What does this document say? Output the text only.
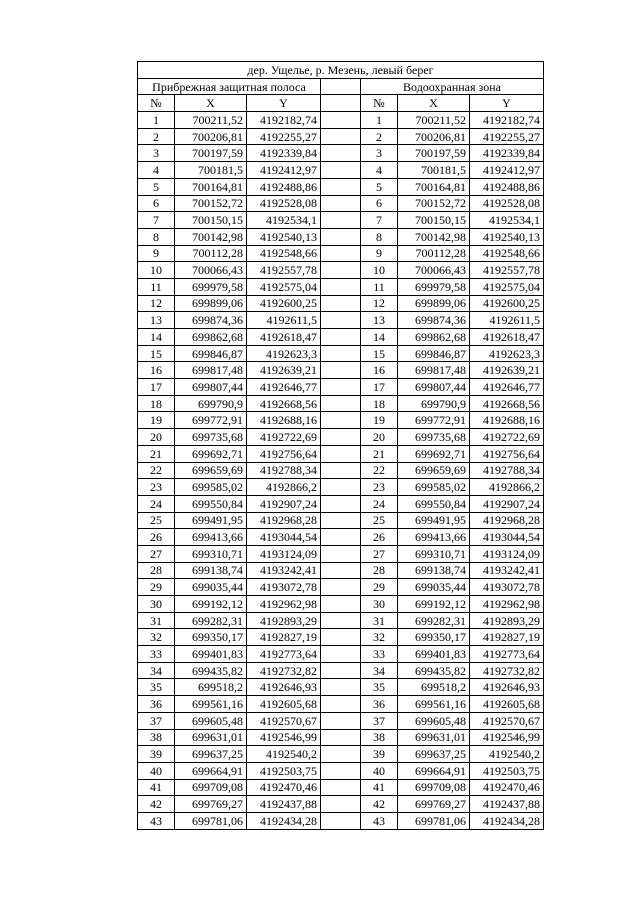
дер. Ущелье, р. Мезень, левый берег						
Прибрежная защитная полоса				Водоохранная зона		
№	X	Y		№	X	Y
1	700211,52	4192182,74		1	700211,52	4192182,74
2	700206,81	4192255,27		2	700206,81	4192255,27
3	700197,59	4192339,84		3	700197,59	4192339,84
4	700181,5	4192412,97		4	700181,5	4192412,97
5	700164,81	4192488,86		5	700164,81	4192488,86
6	700152,72	4192528,08		6	700152,72	4192528,08
7	700150,15	4192534,1		7	700150,15	4192534,1
8	700142,98	4192540,13		8	700142,98	4192540,13
9	700112,28	4192548,66		9	700112,28	4192548,66
10	700066,43	4192557,78		10	700066,43	4192557,78
11	699979,58	4192575,04		11	699979,58	4192575,04
12	699899,06	4192600,25		12	699899,06	4192600,25
13	699874,36	4192611,5		13	699874,36	4192611,5
14	699862,68	4192618,47		14	699862,68	4192618,47
15	699846,87	4192623,3		15	699846,87	4192623,3
16	699817,48	4192639,21		16	699817,48	4192639,21
17	699807,44	4192646,77		17	699807,44	4192646,77
18	699790,9	4192668,56		18	699790,9	4192668,56
19	699772,91	4192688,16		19	699772,91	4192688,16
20	699735,68	4192722,69		20	699735,68	4192722,69
21	699692,71	4192756,64		21	699692,71	4192756,64
22	699659,69	4192788,34		22	699659,69	4192788,34
23	699585,02	4192866,2		23	699585,02	4192866,2
24	699550,84	4192907,24		24	699550,84	4192907,24
25	699491,95	4192968,28		25	699491,95	4192968,28
26	699413,66	4193044,54		26	699413,66	4193044,54
27	699310,71	4193124,09		27	699310,71	4193124,09
28	699138,74	4193242,41		28	699138,74	4193242,41
29	699035,44	4193072,78		29	699035,44	4193072,78
30	699192,12	4192962,98		30	699192,12	4192962,98
31	699282,31	4192893,29		31	699282,31	4192893,29
32	699350,17	4192827,19		32	699350,17	4192827,19
33	699401,83	4192773,64		33	699401,83	4192773,64
34	699435,82	4192732,82		34	699435,82	4192732,82
35	699518,2	4192646,93		35	699518,2	4192646,93
36	699561,16	4192605,68		36	699561,16	4192605,68
37	699605,48	4192570,67		37	699605,48	4192570,67
38	699631,01	4192546,99		38	699631,01	4192546,99
39	699637,25	4192540,2		39	699637,25	4192540,2
40	699664,91	4192503,75		40	699664,91	4192503,75
41	699709,08	4192470,46		41	699709,08	4192470,46
42	699769,27	4192437,88		42	699769,27	4192437,88
43	699781,06	4192434,28		43	699781,06	4192434,28
